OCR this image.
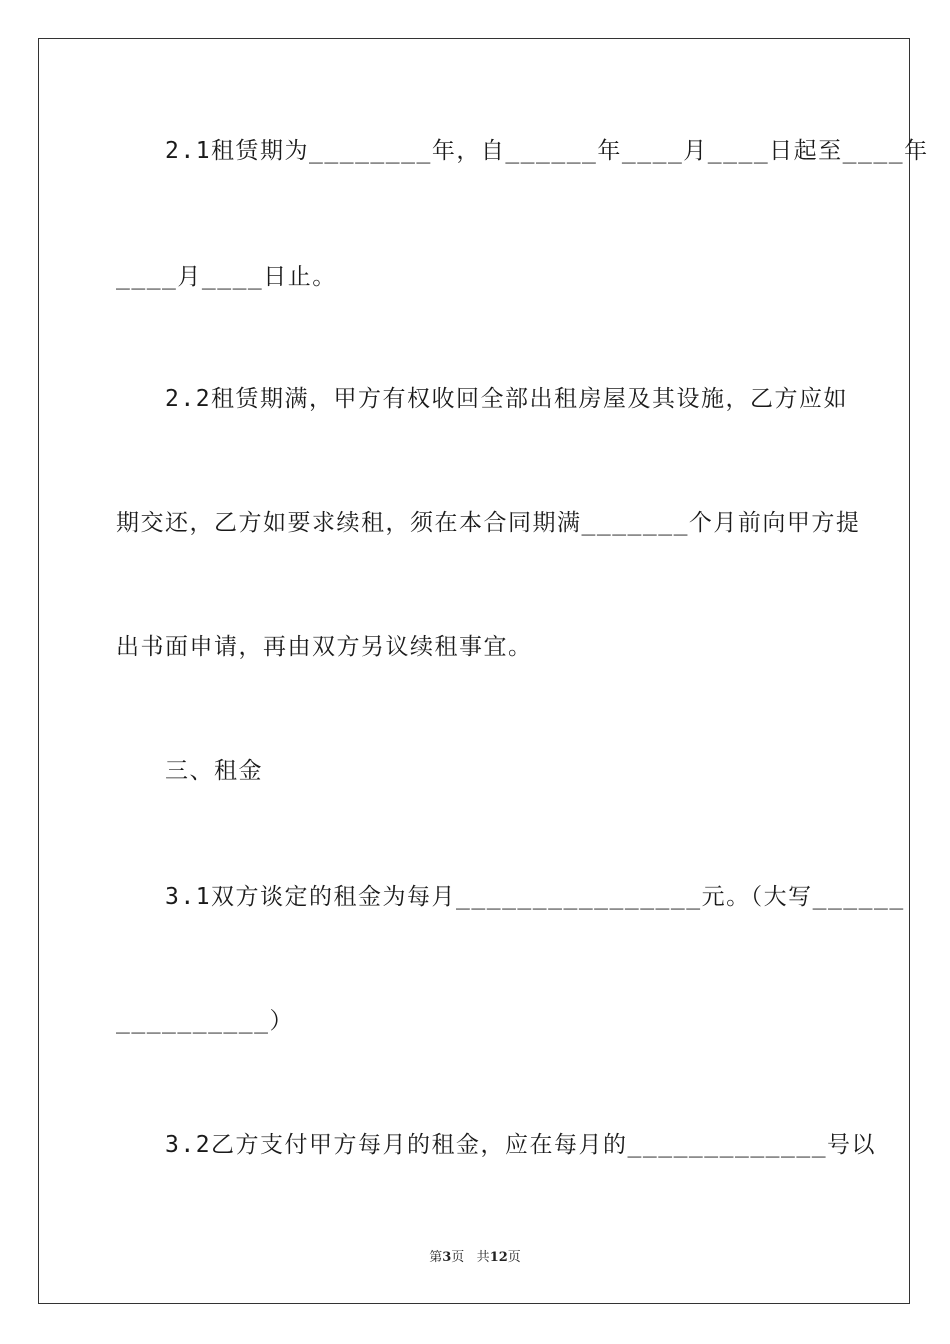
　　2.1租赁期为________年，自______年____月____日起至____年
____月____日止。
　　2.2租赁期满，甲方有权收回全部出租房屋及其设施，乙方应如
期交还，乙方如要求续租，须在本合同期满_______个月前向甲方提
出书面申请，再由双方另议续租事宜。
　　三、租金
　　3.1双方谈定的租金为每月________________元。（大写______
__________）
　　3.2乙方支付甲方每月的租金，应在每月的_____________号以
第3页 共12页
